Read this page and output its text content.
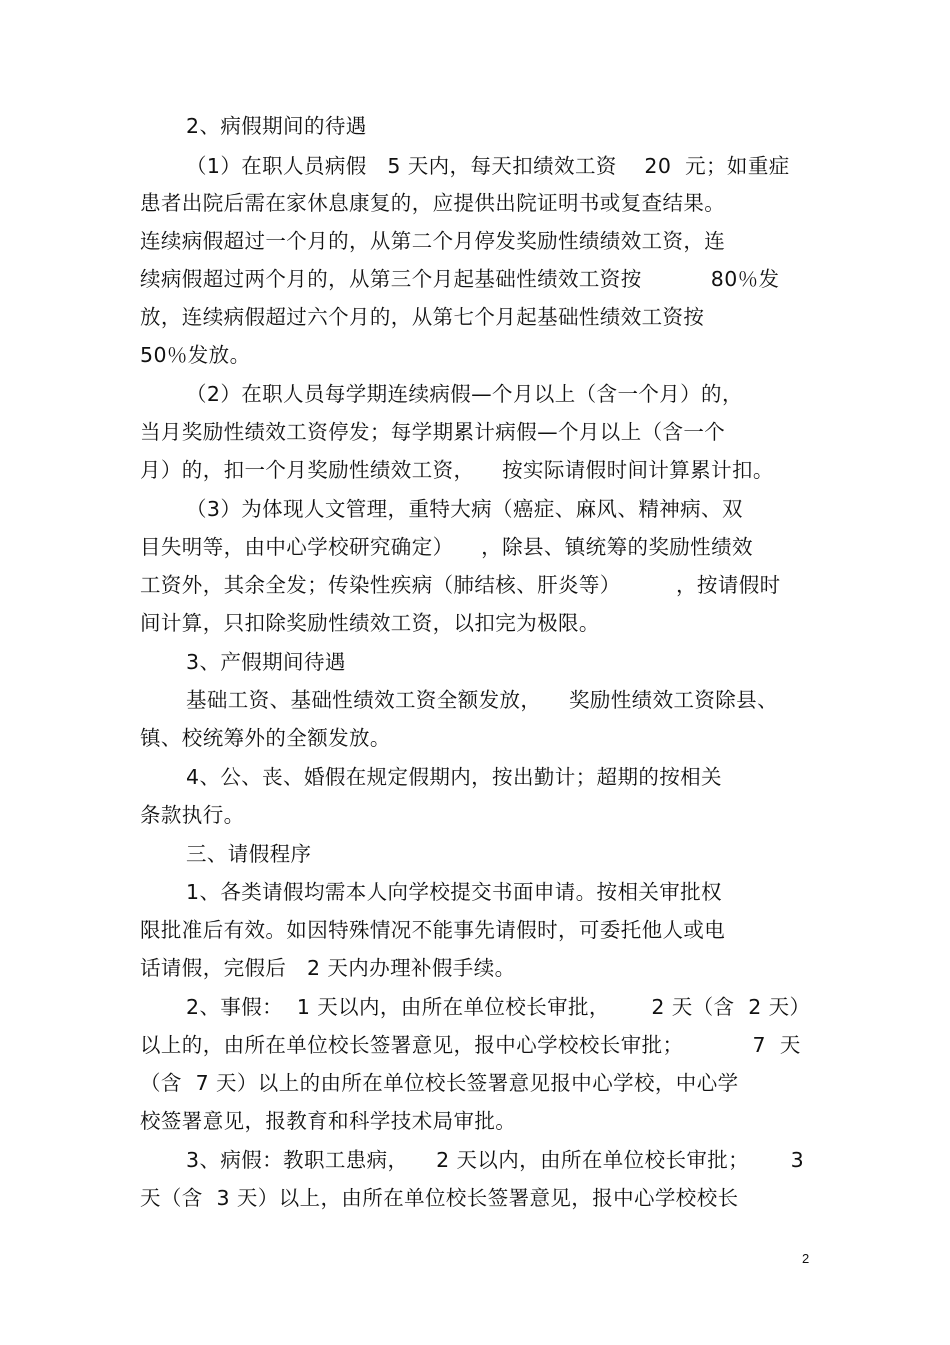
2、病假期间的待遇
（1）在职人员病假   5 天内，每天扣绩效工资    20  元；如重症
患者出院后需在家休息康复的，应提供出院证明书或复查结果。
连续病假超过一个月的，从第二个月停发奖励性绩绩效工资，连
续病假超过两个月的，从第三个月起基础性绩效工资按          80％发
放，连续病假超过六个月的，从第七个月起基础性绩效工资按
50％发放。
（2）在职人员每学期连续病假—个月以上（含一个月）的，
当月奖励性绩效工资停发；每学期累计病假—个月以上（含一个
月）的，扣一个月奖励性绩效工资，    按实际请假时间计算累计扣。
（3）为体现人文管理，重特大病（癌症、麻风、精神病、双
目失明等，由中心学校研究确定）    ，除县、镇统筹的奖励性绩效
工资外，其余全发；传染性疾病（肺结核、肝炎等）        ，按请假时
间计算，只扣除奖励性绩效工资，以扣完为极限。
3、产假期间待遇
基础工资、基础性绩效工资全额发放，    奖励性绩效工资除县、
镇、校统筹外的全额发放。
4、公、丧、婚假在规定假期内，按出勤计；超期的按相关
条款执行。
三、请假程序
1、各类请假均需本人向学校提交书面申请。按相关审批权
限批准后有效。如因特殊情况不能事先请假时，可委托他人或电
话请假，完假后   2 天内办理补假手续。
2、事假：  1 天以内，由所在单位校长审批，      2 天（含  2 天）
以上的，由所在单位校长签署意见，报中心学校校长审批；          7  天
（含  7 天）以上的由所在单位校长签署意见报中心学校，中心学
校签署意见，报教育和科学技术局审批。
3、病假：教职工患病，    2 天以内，由所在单位校长审批；      3
天（含  3 天）以上，由所在单位校长签署意见，报中心学校校长
2
